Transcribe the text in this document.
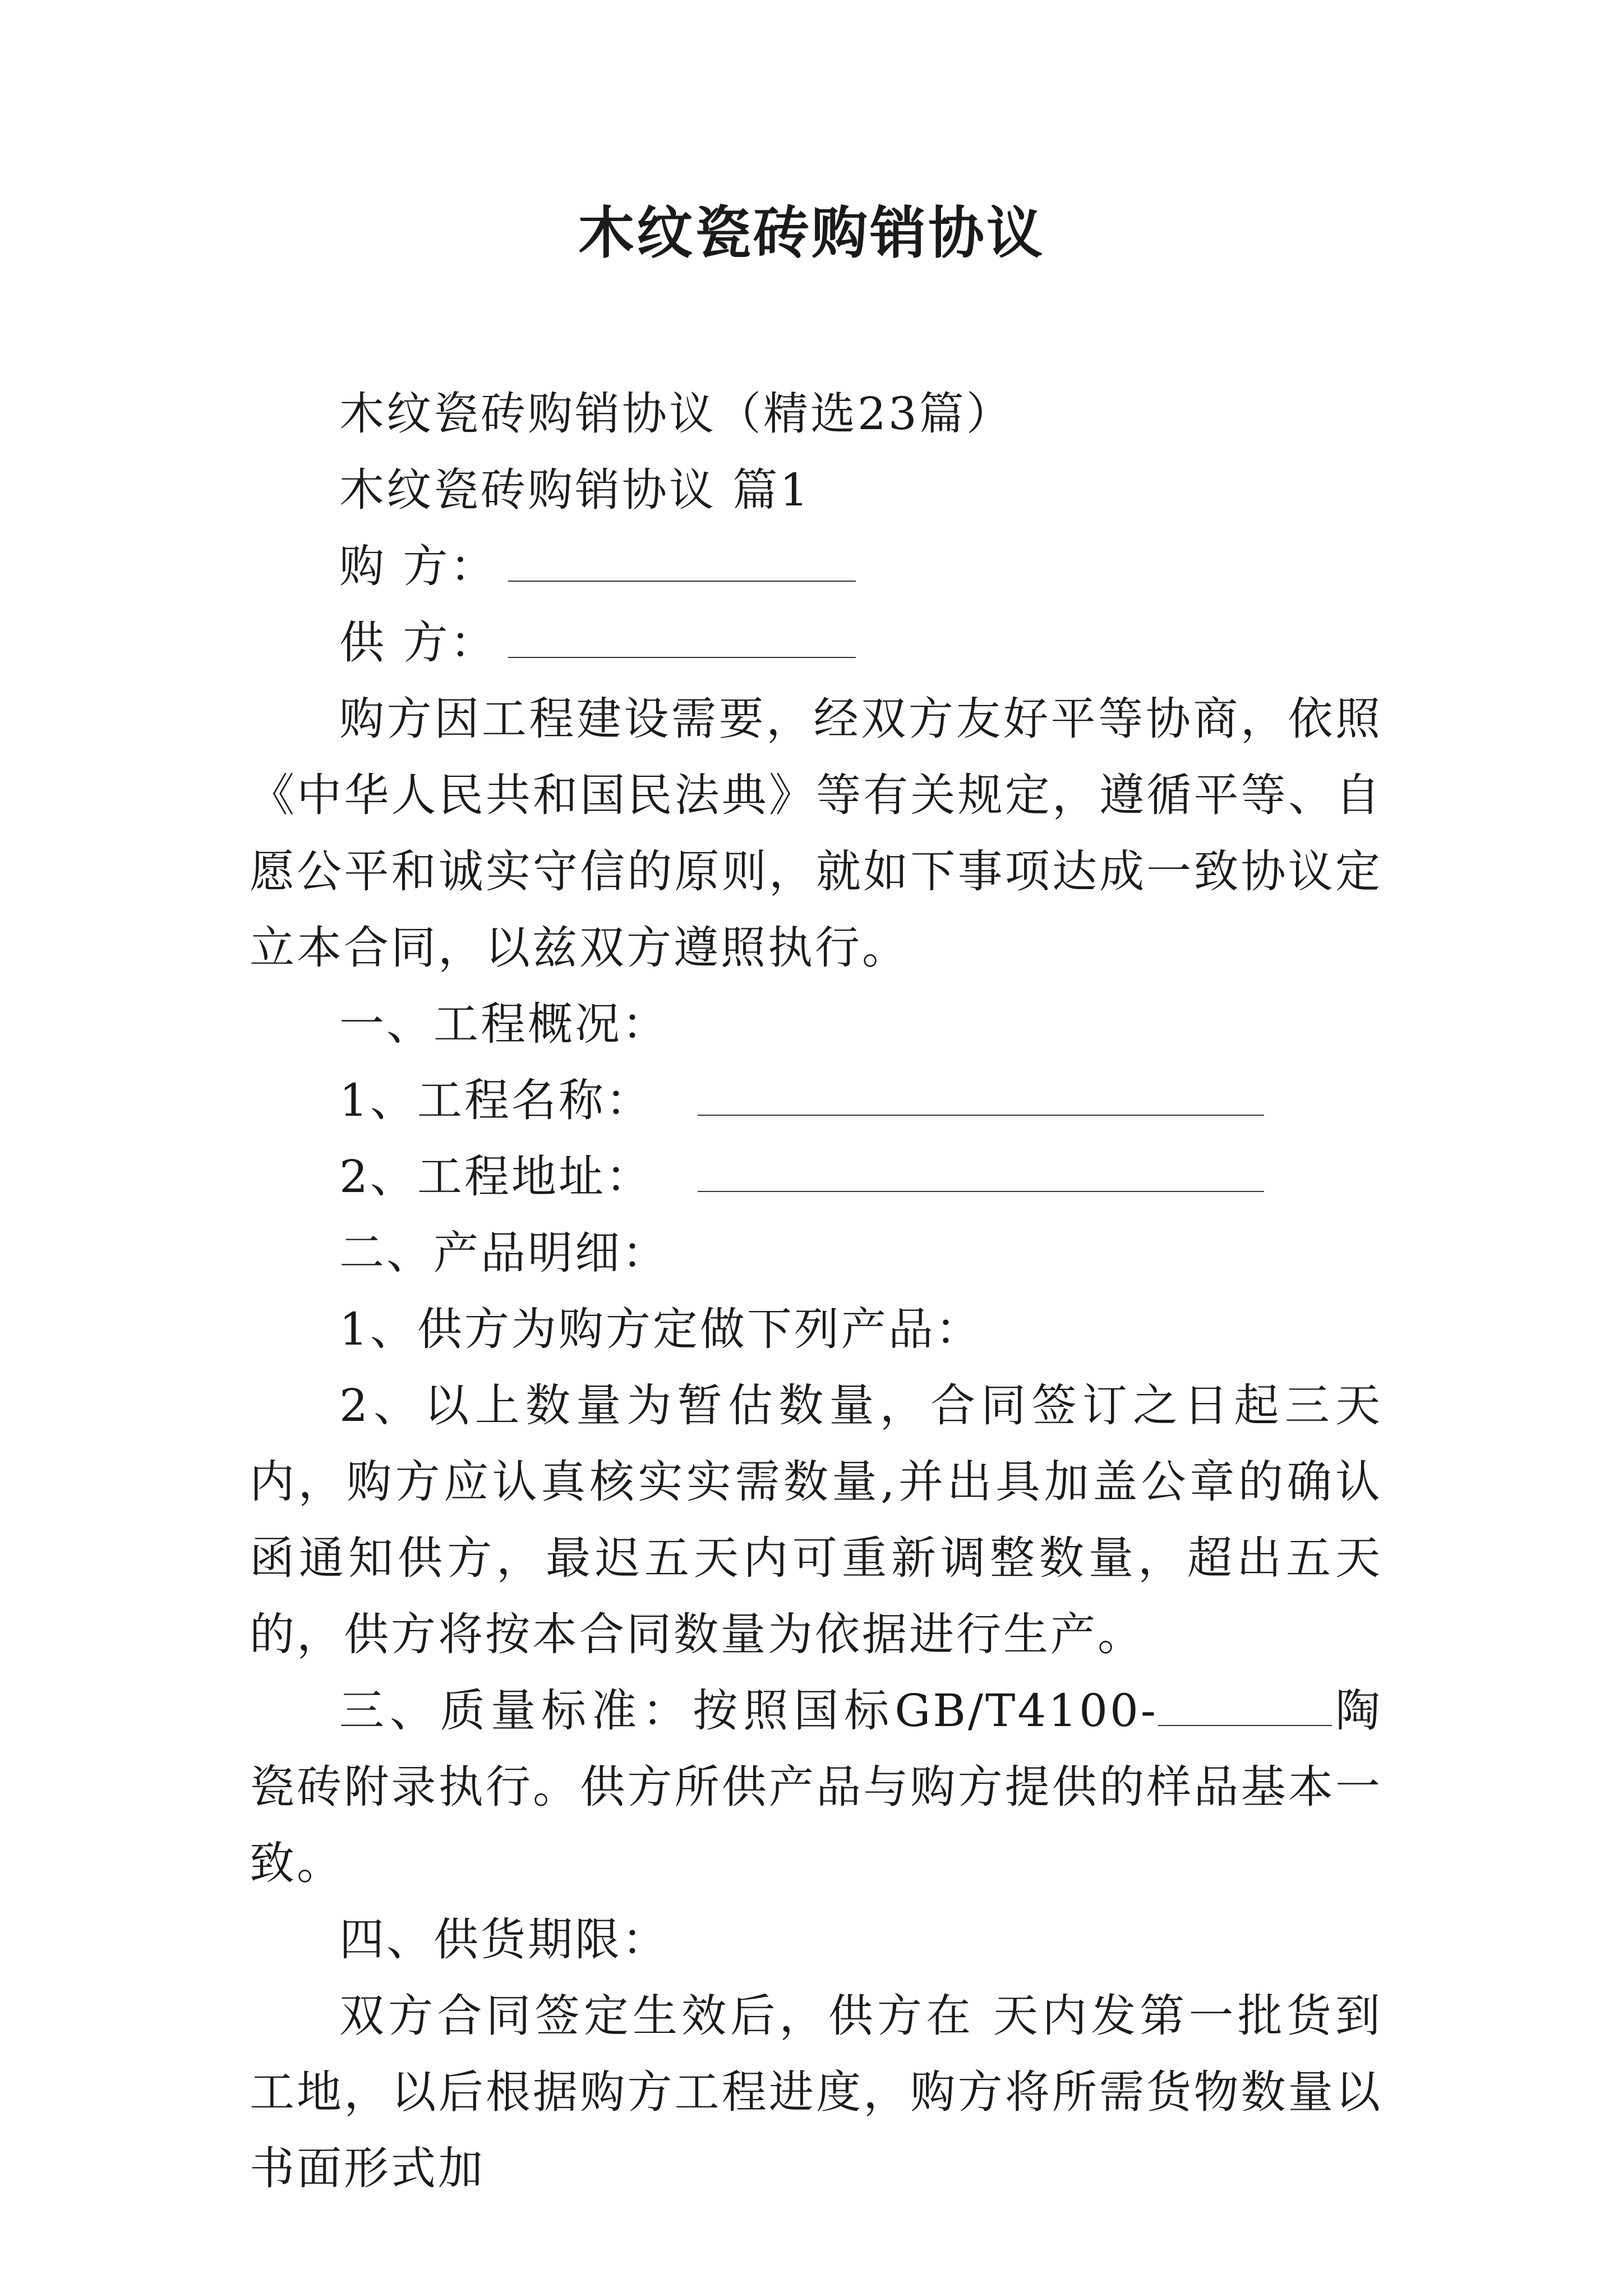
木纹瓷砖购销协议

木纹瓷砖购销协议（精选23篇）

木纹瓷砖购销协议 篇1

购 方：

供 方：

购方因工程建设需要，经双方友好平等协商，依照《中华人民共和国民法典》等有关规定，遵循平等、自愿公平和诚实守信的原则，就如下事项达成一致协议定立本合同，以兹双方遵照执行。

一、工程概况：

1、工程名称：

2、工程地址：

二、产品明细：

1、供方为购方定做下列产品：

2、以上数量为暂估数量，合同签订之日起三天内，购方应认真核实实需数量,并出具加盖公章的确认函通知供方，最迟五天内可重新调整数量，超出五天的，供方将按本合同数量为依据进行生产。

三、质量标准：按照国标GB/T4100-	陶瓷砖附录执行。供方所供产品与购方提供的样品基本一致。

四、供货期限：

双方合同签定生效后，供方在 天内发第一批货到工地，以后根据购方工程进度，购方将所需货物数量以书面形式加
